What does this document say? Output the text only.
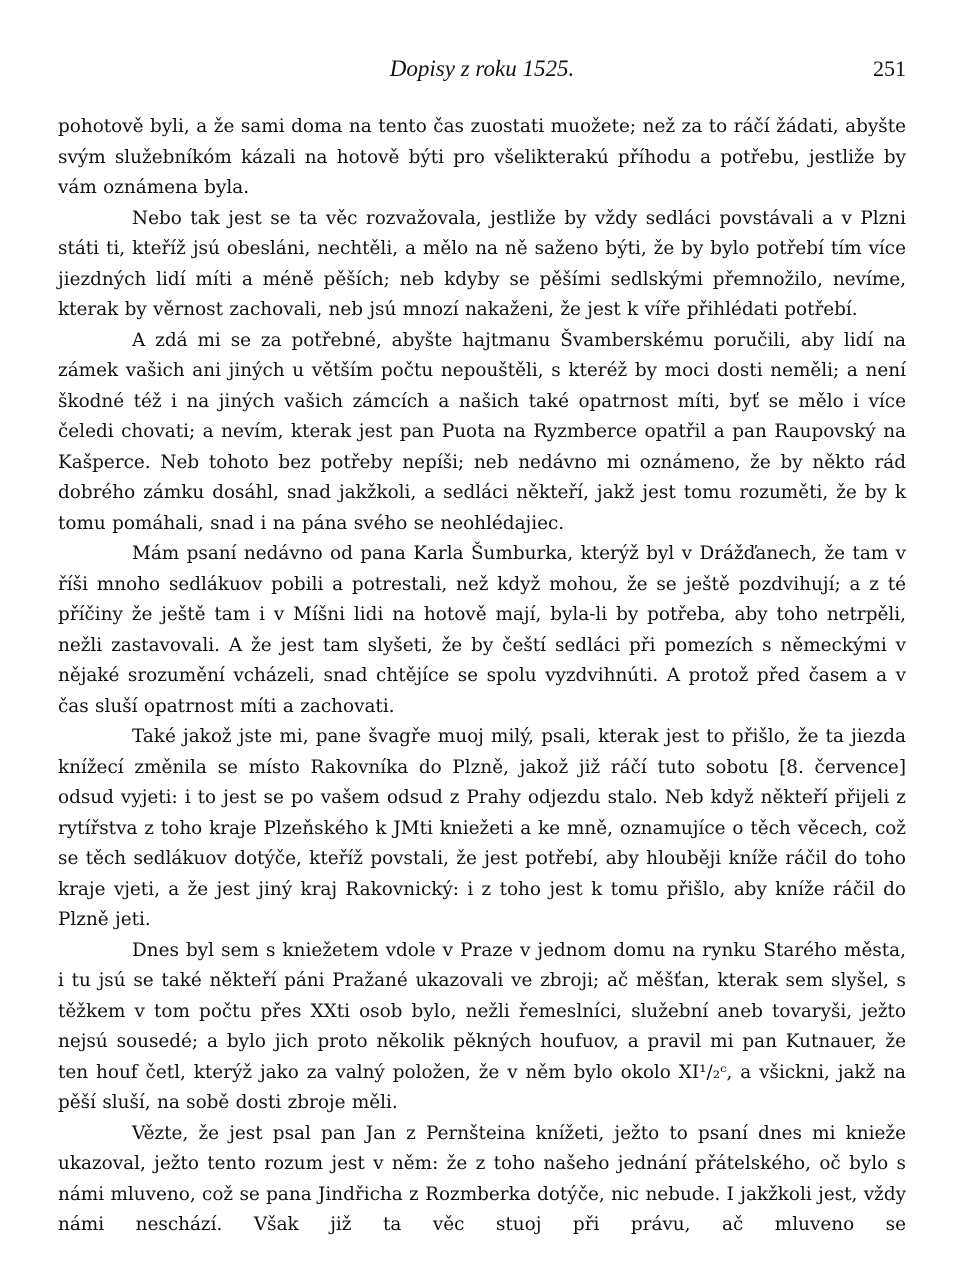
Dopisy z roku 1525.	251

pohotově byli, a že sami doma na tento čas zuostati muožete; než za to ráčí žádati, abyšte svým služebníkóm kázali na hotově býti pro všelikterakú příhodu a potřebu, jestliže by vám oznámena byla.

Nebo tak jest se ta věc rozvažovala, jestliže by vždy sedláci povstávali a v Plzni státi ti, kteříž jsú obesláni, nechtěli, a mělo na ně saženo býti, že by bylo potřebí tím více jiezdných lidí míti a méně pěších; neb kdyby se pěšími sedlskými přemnožilo, nevíme, kterak by věrnost zachovali, neb jsú mnozí nakaženi, že jest k víře přihlédati potřebí.

A zdá mi se za potřebné, abyšte hajtmanu Švamberskému poručili, aby lidí na zámek vašich ani jiných u větším počtu nepouštěli, s kteréž by moci dosti neměli; a není škodné též i na jiných vašich zámcích a našich také opatrnost míti, byť se mělo i více čeledi chovati; a nevím, kterak jest pan Puota na Ryzmberce opatřil a pan Raupovský na Kašperce. Neb tohoto bez potřeby nepíši; neb nedávno mi oznámeno, že by někto rád dobrého zámku dosáhl, snad jakžkoli, a sedláci někteří, jakž jest tomu rozuměti, že by k tomu pomáhali, snad i na pána svého se neohlédajiec.

Mám psaní nedávno od pana Karla Šumburka, kterýž byl v Drážďanech, že tam v říši mnoho sedlákuov pobili a potrestali, než když mohou, že se ještě pozdvihují; a z té příčiny že ještě tam i v Míšni lidi na hotově mají, byla-li by potřeba, aby toho netrpěli, nežli zastavovali. A že jest tam slyšeti, že by čeští sedláci při pomezích s německými v nějaké srozumění vcházeli, snad chtějíce se spolu vyzdvihnúti. A protož před časem a v čas sluší opatrnost míti a zachovati.

Také jakož jste mi, pane švagře muoj milý, psali, kterak jest to přišlo, že ta jiezda knížecí změnila se místo Rakovníka do Plzně, jakož již ráčí tuto sobotu [8. července] odsud vyjeti: i to jest se po vašem odsud z Prahy odjezdu stalo. Neb když někteří přijeli z rytířstva z toho kraje Plzeňského k JMti kniežeti a ke mně, oznamujíce o těch věcech, což se těch sedlákuov dotýče, kteříž povstali, že jest potřebí, aby hlouběji kníže ráčil do toho kraje vjeti, a že jest jiný kraj Rakovnický: i z toho jest k tomu přišlo, aby kníže ráčil do Plzně jeti.

Dnes byl sem s kniežetem vdole v Praze v jednom domu na rynku Starého města, i tu jsú se také někteří páni Pražané ukazovali ve zbroji; ač měšťan, kterak sem slyšel, s těžkem v tom počtu přes XXti osob bylo, nežli řemeslníci, služební aneb tovaryši, ježto nejsú sousedé; a bylo jich proto několik pěkných houfuov, a pravil mi pan Kutnauer, že ten houf četl, kterýž jako za valný položen, že v něm bylo okolo XI¹/₂ᶜ, a všickni, jakž na pěší sluší, na sobě dosti zbroje měli.

Vězte, že jest psal pan Jan z Pernšteina knížeti, ježto to psaní dnes mi knieže ukazoval, ježto tento rozum jest v něm: že z toho našeho jednání přátelského, oč bylo s námi mluveno, což se pana Jindřicha z Rozmberka dotýče, nic nebude. I jakžkoli jest, vždy námi neschází. Však již ta věc stuoj při právu, ač mluveno se
